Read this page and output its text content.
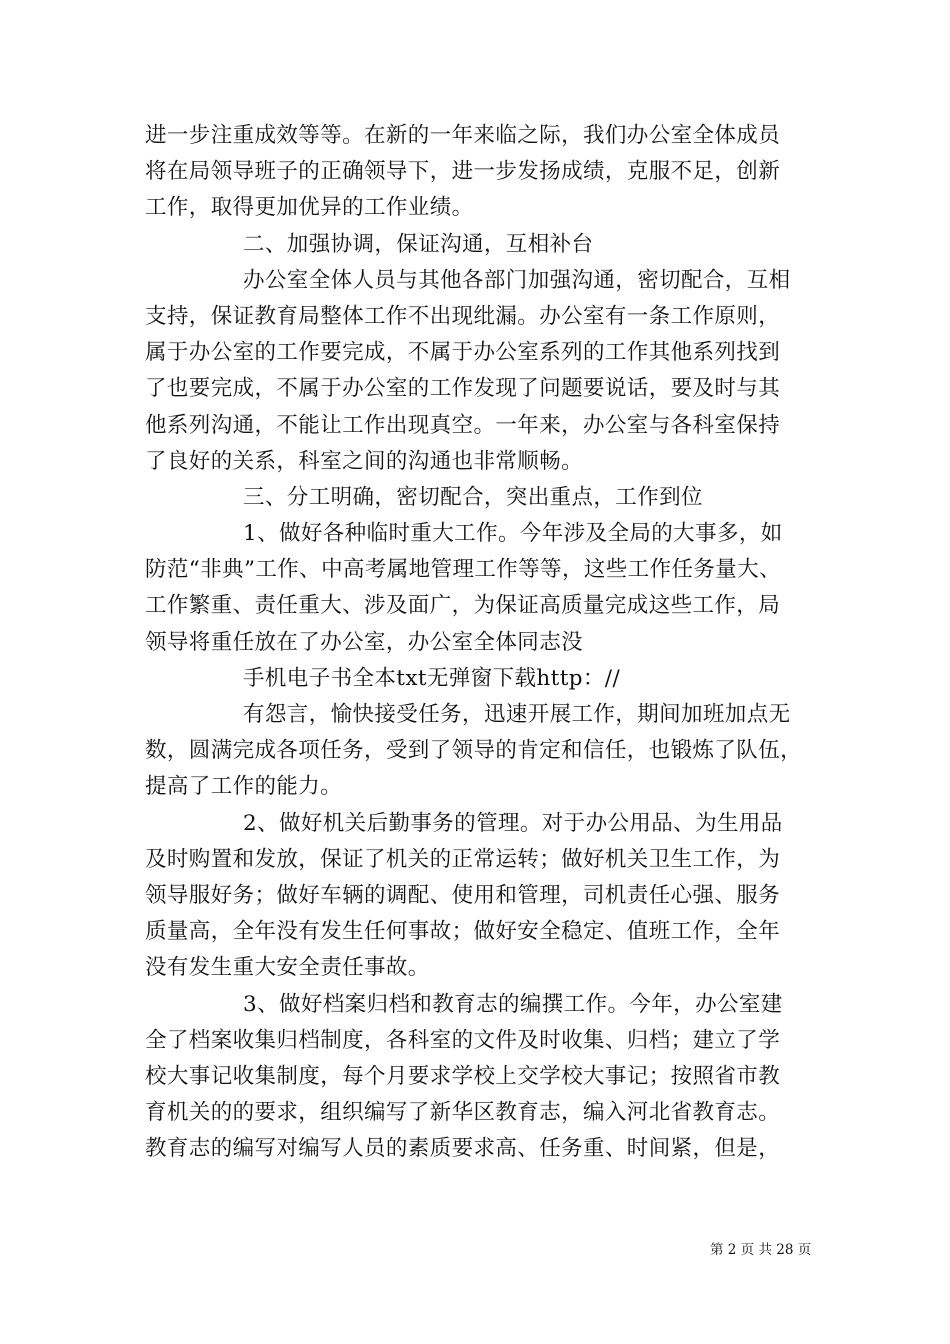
进一步注重成效等等。在新的一年来临之际，我们办公室全体成员
将在局领导班子的正确领导下，进一步发扬成绩，克服不足，创新
工作，取得更加优异的工作业绩。
二、加强协调，保证沟通，互相补台
办公室全体人员与其他各部门加强沟通，密切配合，互相
支持，保证教育局整体工作不出现纰漏。办公室有一条工作原则，
属于办公室的工作要完成，不属于办公室系列的工作其他系列找到
了也要完成，不属于办公室的工作发现了问题要说话，要及时与其
他系列沟通，不能让工作出现真空。一年来，办公室与各科室保持
了良好的关系，科室之间的沟通也非常顺畅。
三、分工明确，密切配合，突出重点，工作到位
1、做好各种临时重大工作。今年涉及全局的大事多，如
防范“非典”工作、中高考属地管理工作等等，这些工作任务量大、
工作繁重、责任重大、涉及面广，为保证高质量完成这些工作，局
领导将重任放在了办公室，办公室全体同志没
手机电子书全本txt无弹窗下载http：//
有怨言，愉快接受任务，迅速开展工作，期间加班加点无
数，圆满完成各项任务，受到了领导的肯定和信任，也锻炼了队伍，
提高了工作的能力。
2、做好机关后勤事务的管理。对于办公用品、为生用品
及时购置和发放，保证了机关的正常运转；做好机关卫生工作，为
领导服好务；做好车辆的调配、使用和管理，司机责任心强、服务
质量高，全年没有发生任何事故；做好安全稳定、值班工作，全年
没有发生重大安全责任事故。
3、做好档案归档和教育志的编撰工作。今年，办公室建
全了档案收集归档制度，各科室的文件及时收集、归档；建立了学
校大事记收集制度，每个月要求学校上交学校大事记；按照省市教
育机关的的要求，组织编写了新华区教育志，编入河北省教育志。
教育志的编写对编写人员的素质要求高、任务重、时间紧，但是，
第 2 页 共 28 页
